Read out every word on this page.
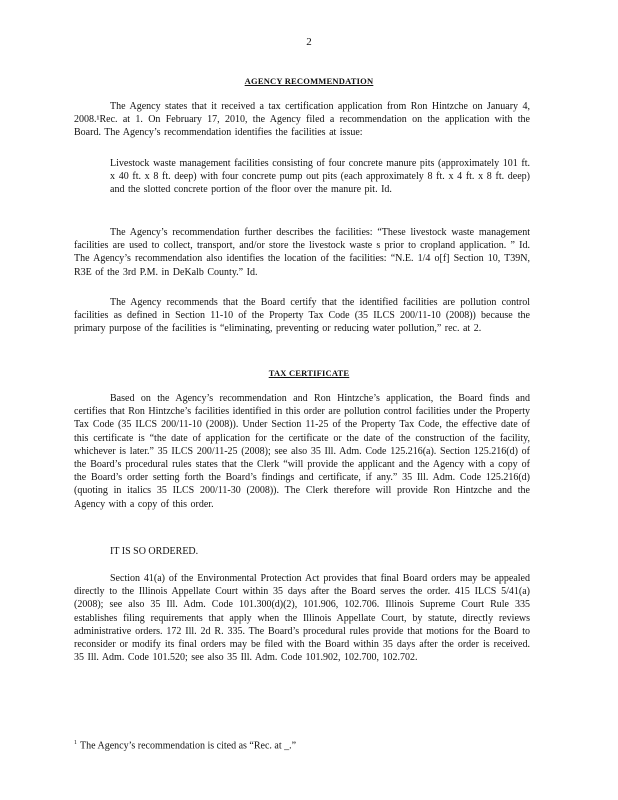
2
AGENCY RECOMMENDATION
The Agency states that it received a tax certification application from Ron Hintzche on January 4, 2008.¹Rec. at 1. On February 17, 2010, the Agency filed a recommendation on the application with the Board. The Agency’s recommendation identifies the facilities at issue:
Livestock waste management facilities consisting of four concrete manure pits (approximately 101 ft. x 40 ft. x 8 ft. deep) with four concrete pump out pits (each approximately 8 ft. x 4 ft. x 8 ft. deep) and the slotted concrete portion of the floor over the manure pit. Id.
The Agency’s recommendation further describes the facilities: “These livestock waste management facilities are used to collect, transport, and/or store the livestock waste s prior to cropland application. ” Id. The Agency’s recommendation also identifies the location of the facilities: “N.E. 1/4 o[f] Section 10, T39N, R3E of the 3rd P.M. in DeKalb County.” Id.
The Agency recommends that the Board certify that the identified facilities are pollution control facilities as defined in Section 11-10 of the Property Tax Code (35 ILCS 200/11-10 (2008)) because the primary purpose of the facilities is “eliminating, preventing or reducing water pollution,” rec. at 2.
TAX CERTIFICATE
Based on the Agency’s recommendation and Ron Hintzche’s application, the Board finds and certifies that Ron Hintzche’s facilities identified in this order are pollution control facilities under the Property Tax Code (35 ILCS 200/11-10 (2008)). Under Section 11-25 of the Property Tax Code, the effective date of this certificate is “the date of application for the certificate or the date of the construction of the facility, whichever is later.” 35 ILCS 200/11-25 (2008); see also 35 Ill. Adm. Code 125.216(a). Section 125.216(d) of the Board’s procedural rules states that the Clerk “will provide the applicant and the Agency with a copy of the Board’s order setting forth the Board’s findings and certificate, if any.” 35 Ill. Adm. Code 125.216(d) (quoting in italics 35 ILCS 200/11-30 (2008)). The Clerk therefore will provide Ron Hintzche and the Agency with a copy of this order.
IT IS SO ORDERED.
Section 41(a) of the Environmental Protection Act provides that final Board orders may be appealed directly to the Illinois Appellate Court within 35 days after the Board serves the order. 415 ILCS 5/41(a) (2008); see also 35 Ill. Adm. Code 101.300(d)(2), 101.906, 102.706. Illinois Supreme Court Rule 335 establishes filing requirements that apply when the Illinois Appellate Court, by statute, directly reviews administrative orders. 172 Ill. 2d R. 335. The Board’s procedural rules provide that motions for the Board to reconsider or modify its final orders may be filed with the Board within 35 days after the order is received. 35 Ill. Adm. Code 101.520; see also 35 Ill. Adm. Code 101.902, 102.700, 102.702.
$^1$ The Agency’s recommendation is cited as “Rec. at _.”
